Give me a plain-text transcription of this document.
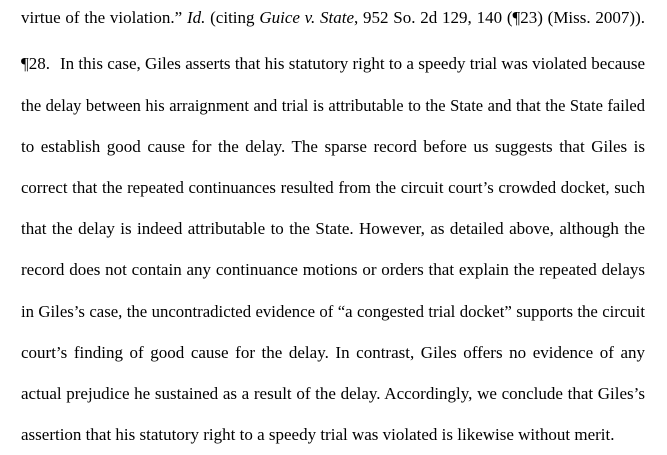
virtue of the violation.” Id. (citing Guice v. State, 952 So. 2d 129, 140 (¶23) (Miss. 2007)).
¶28. In this case, Giles asserts that his statutory right to a speedy trial was violated because
the delay between his arraignment and trial is attributable to the State and that the State failed
to establish good cause for the delay. The sparse record before us suggests that Giles is
correct that the repeated continuances resulted from the circuit court’s crowded docket, such
that the delay is indeed attributable to the State. However, as detailed above, although the
record does not contain any continuance motions or orders that explain the repeated delays
in Giles’s case, the uncontradicted evidence of “a congested trial docket” supports the circuit
court’s finding of good cause for the delay. In contrast, Giles offers no evidence of any
actual prejudice he sustained as a result of the delay. Accordingly, we conclude that Giles’s
assertion that his statutory right to a speedy trial was violated is likewise without merit.
